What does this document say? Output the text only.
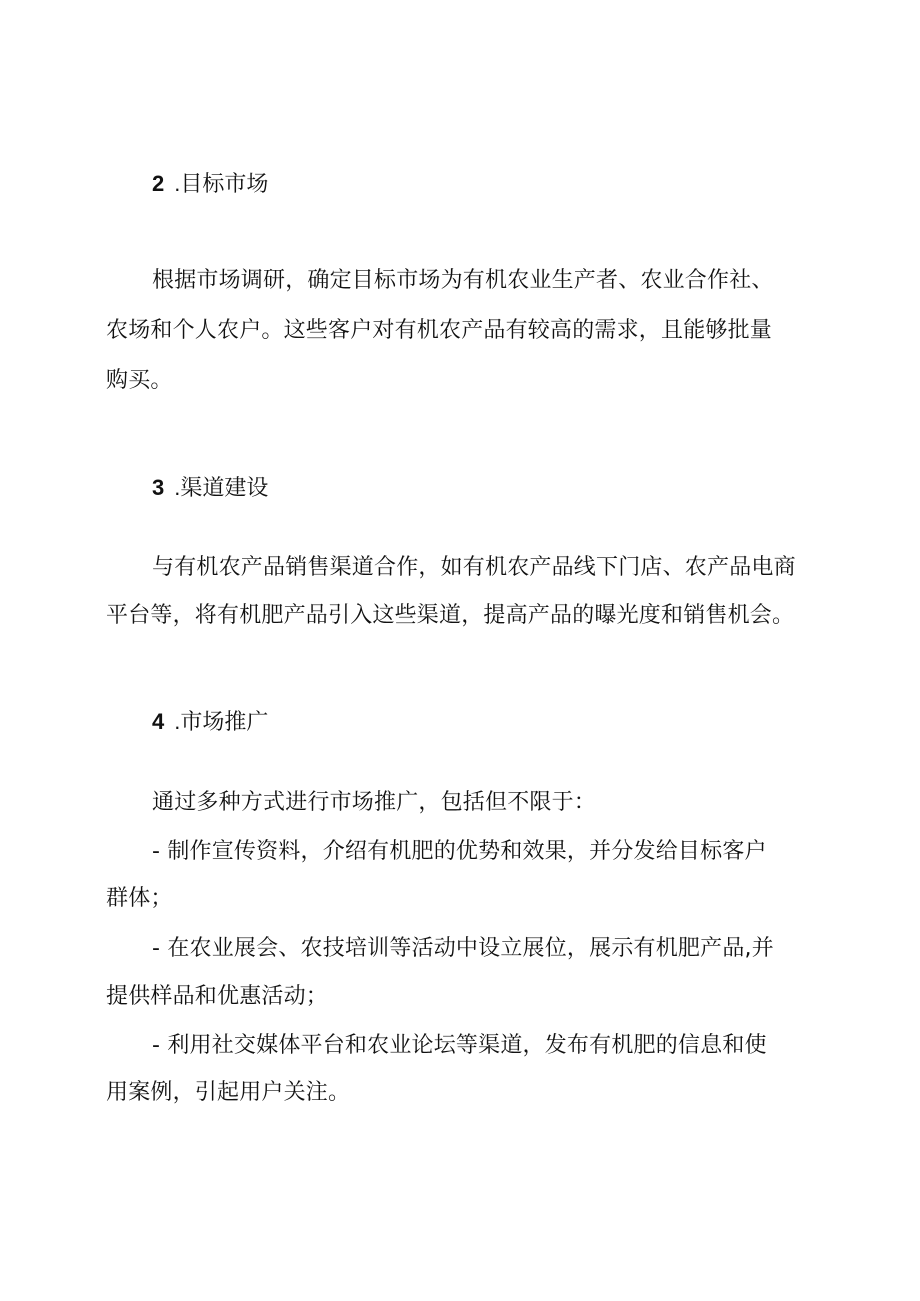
2 .目标市场
根据市场调研，确定目标市场为有机农业生产者、农业合作社、
农场和个人农户。这些客户对有机农产品有较高的需求，且能够批量
购买。
3 .渠道建设
与有机农产品销售渠道合作，如有机农产品线下门店、农产品电商
平台等，将有机肥产品引入这些渠道，提高产品的曝光度和销售机会。
4 .市场推广
通过多种方式进行市场推广，包括但不限于：
- 制作宣传资料，介绍有机肥的优势和效果，并分发给目标客户
群体；
- 在农业展会、农技培训等活动中设立展位，展示有机肥产品,并
提供样品和优惠活动；
- 利用社交媒体平台和农业论坛等渠道，发布有机肥的信息和使
用案例，引起用户关注。
